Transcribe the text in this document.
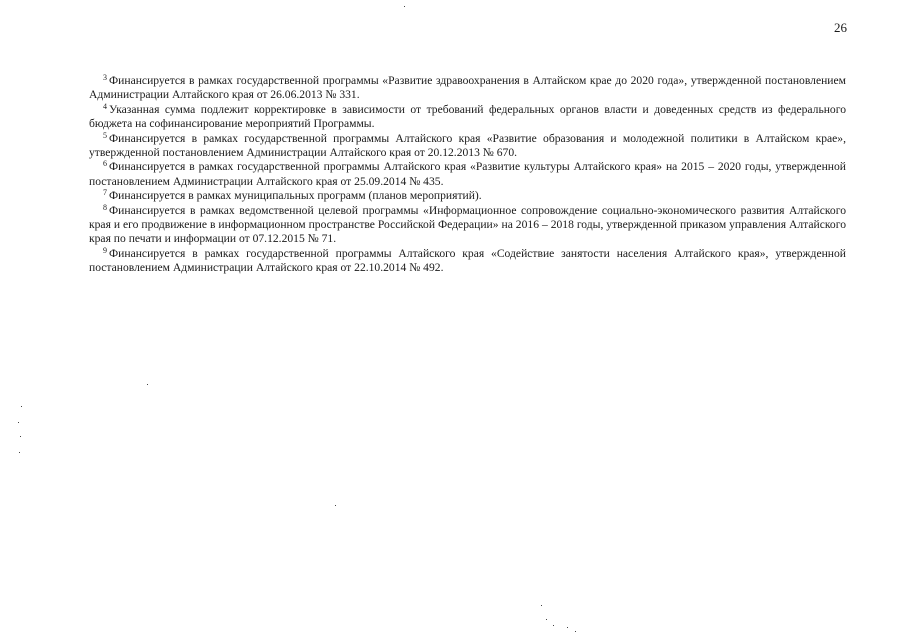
26

$^3$ Финансируется в рамках государственной программы «Развитие здравоохранения в Алтайском крае до 2020 года», утвержденной постановлением Администрации Алтайского края от 26.06.2013 № 331.

$^4$ Указанная сумма подлежит корректировке в зависимости от требований федеральных органов власти и доведенных средств из федерального бюджета на софинансирование мероприятий Программы.

$^5$ Финансируется в рамках государственной программы Алтайского края «Развитие образования и молодежной политики в Алтайском крае», утвержденной постановлением Администрации Алтайского края от 20.12.2013 № 670.

$^6$ Финансируется в рамках государственной программы Алтайского края «Развитие культуры Алтайского края» на 2015 – 2020 годы, утвержденной постановлением Администрации Алтайского края от 25.09.2014 № 435.

$^7$ Финансируется в рамках муниципальных программ (планов мероприятий).

$^8$ Финансируется в рамках ведомственной целевой программы «Информационное сопровождение социально-экономического развития Алтайского края и его продвижение в информационном пространстве Российской Федерации» на 2016 – 2018 годы, утвержденной приказом управления Алтайского края по печати и информации от 07.12.2015 № 71.

$^9$ Финансируется в рамках государственной программы Алтайского края «Содействие занятости населения Алтайского края», утвержденной постановлением Администрации Алтайского края от 22.10.2014 № 492.
